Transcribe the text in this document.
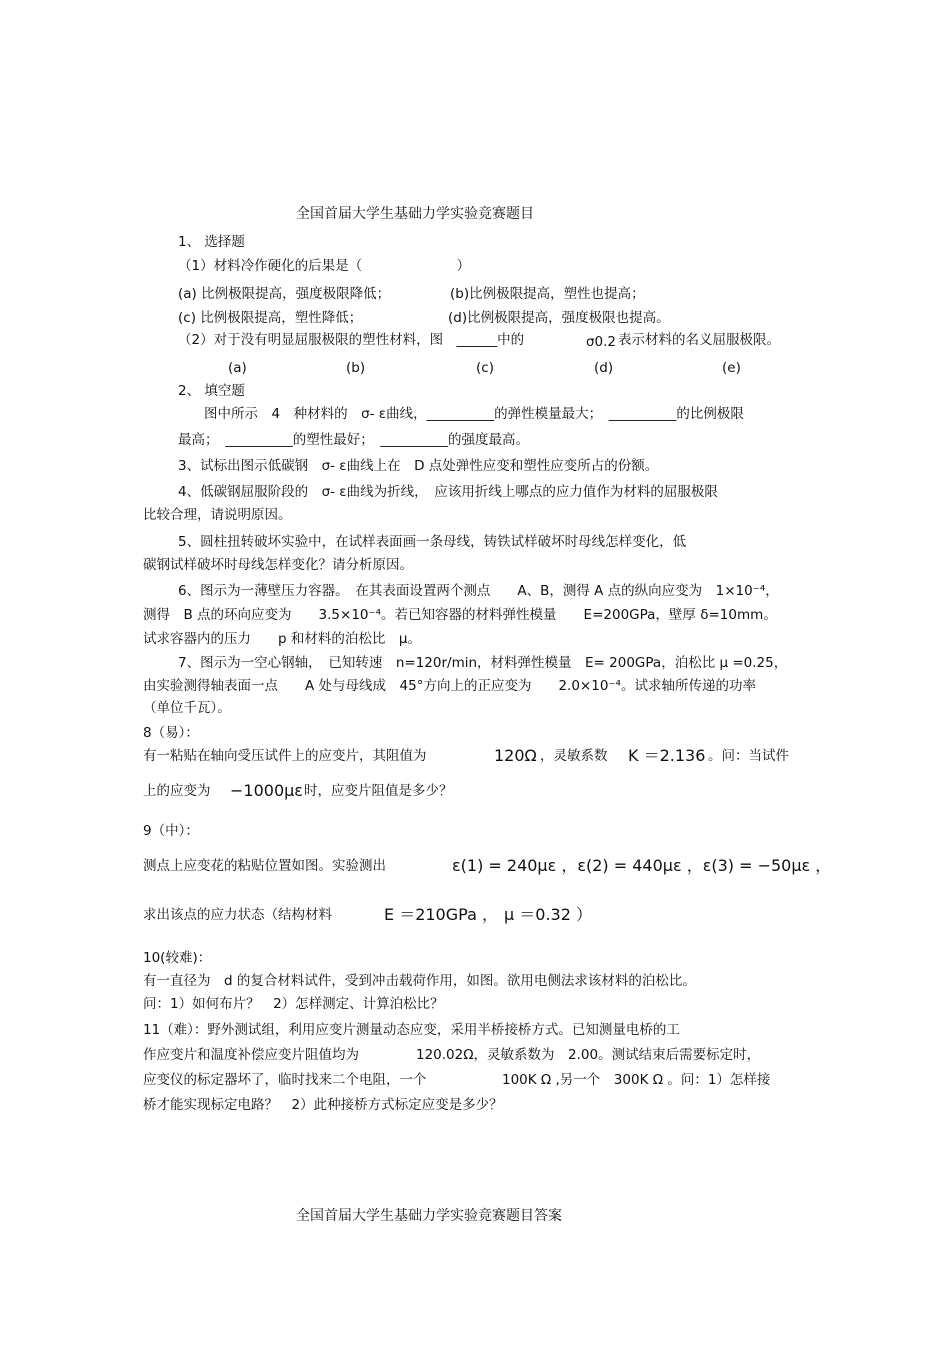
全国首届大学生基础力学实验竞赛题目
1、 选择题
（1）材料冷作硬化的后果是（　　　　　　　）
(a) 比例极限提高，强度极限降低；	(b)比例极限提高，塑性也提高；
(c) 比例极限提高，塑性降低；	(d)比例极限提高，强度极限也提高。
（2）对于没有明显屈服极限的塑性材料，图　______中的	σ0.2 表示材料的名义屈服极限。
(a)	(b)	(c)	(d)	(e)
2、 填空题
图中所示　4　种材料的　σ- ε曲线，__________的弹性模量最大；　__________的比例极限
最高；　__________的塑性最好；　__________的强度最高。
3、试标出图示低碳钢　σ- ε曲线上在　D 点处弹性应变和塑性应变所占的份额。
4、低碳钢屈服阶段的　σ- ε曲线为折线，　应该用折线上哪点的应力值作为材料的屈服极限
比较合理，请说明原因。
5、圆柱扭转破坏实验中，在试样表面画一条母线，铸铁试样破坏时母线怎样变化，低
碳钢试样破坏时母线怎样变化？请分析原因。
6、图示为一薄壁压力容器。　在其表面设置两个测点　　A、B，测得 A 点的纵向应变为　1×10⁻⁴，
测得　B 点的环向应变为　　3.5×10⁻⁴。若已知容器的材料弹性模量　　E=200GPa，壁厚 δ=10mm。
试求容器内的压力　　p 和材料的泊松比　μ。
7、图示为一空心钢轴，　已知转速　n=120r/min，材料弹性模量　E= 200GPa，泊松比 μ =0.25，
由实验测得轴表面一点　　A 处与母线成　45°方向上的正应变为　　2.0×10⁻⁴。试求轴所传递的功率
（单位千瓦）。
8（易）：
有一粘贴在轴向受压试件上的应变片，其阻值为	120Ω ，灵敏系数 K ＝2.136 。问：当试件
上的应变为 −1000με 时，应变片阻值是多少？
9（中）：
测点上应变花的粘贴位置如图。实验测出	ε(1) = 240με ，ε(2) = 440με ，ε(3) = −50με ，
求出该点的应力状态（结构材料	E ＝210GPa ， μ ＝0.32 ）
10(较难)：
有一直径为　d 的复合材料试件，受到冲击载荷作用，如图。欲用电侧法求该材料的泊松比。
问：1）如何布片？　2）怎样测定、计算泊松比？
11（难）：野外测试组，利用应变片测量动态应变，采用半桥接桥方式。已知测量电桥的工
作应变片和温度补偿应变片阻值均为	120.02Ω，灵敏系数为　2.00。测试结束后需要标定时，
应变仪的标定器坏了，临时找来二个电阻，一个	100K Ω ,另一个　300K Ω 。问：1）怎样接
桥才能实现标定电路？　2）此种接桥方式标定应变是多少？
全国首届大学生基础力学实验竞赛题目答案
